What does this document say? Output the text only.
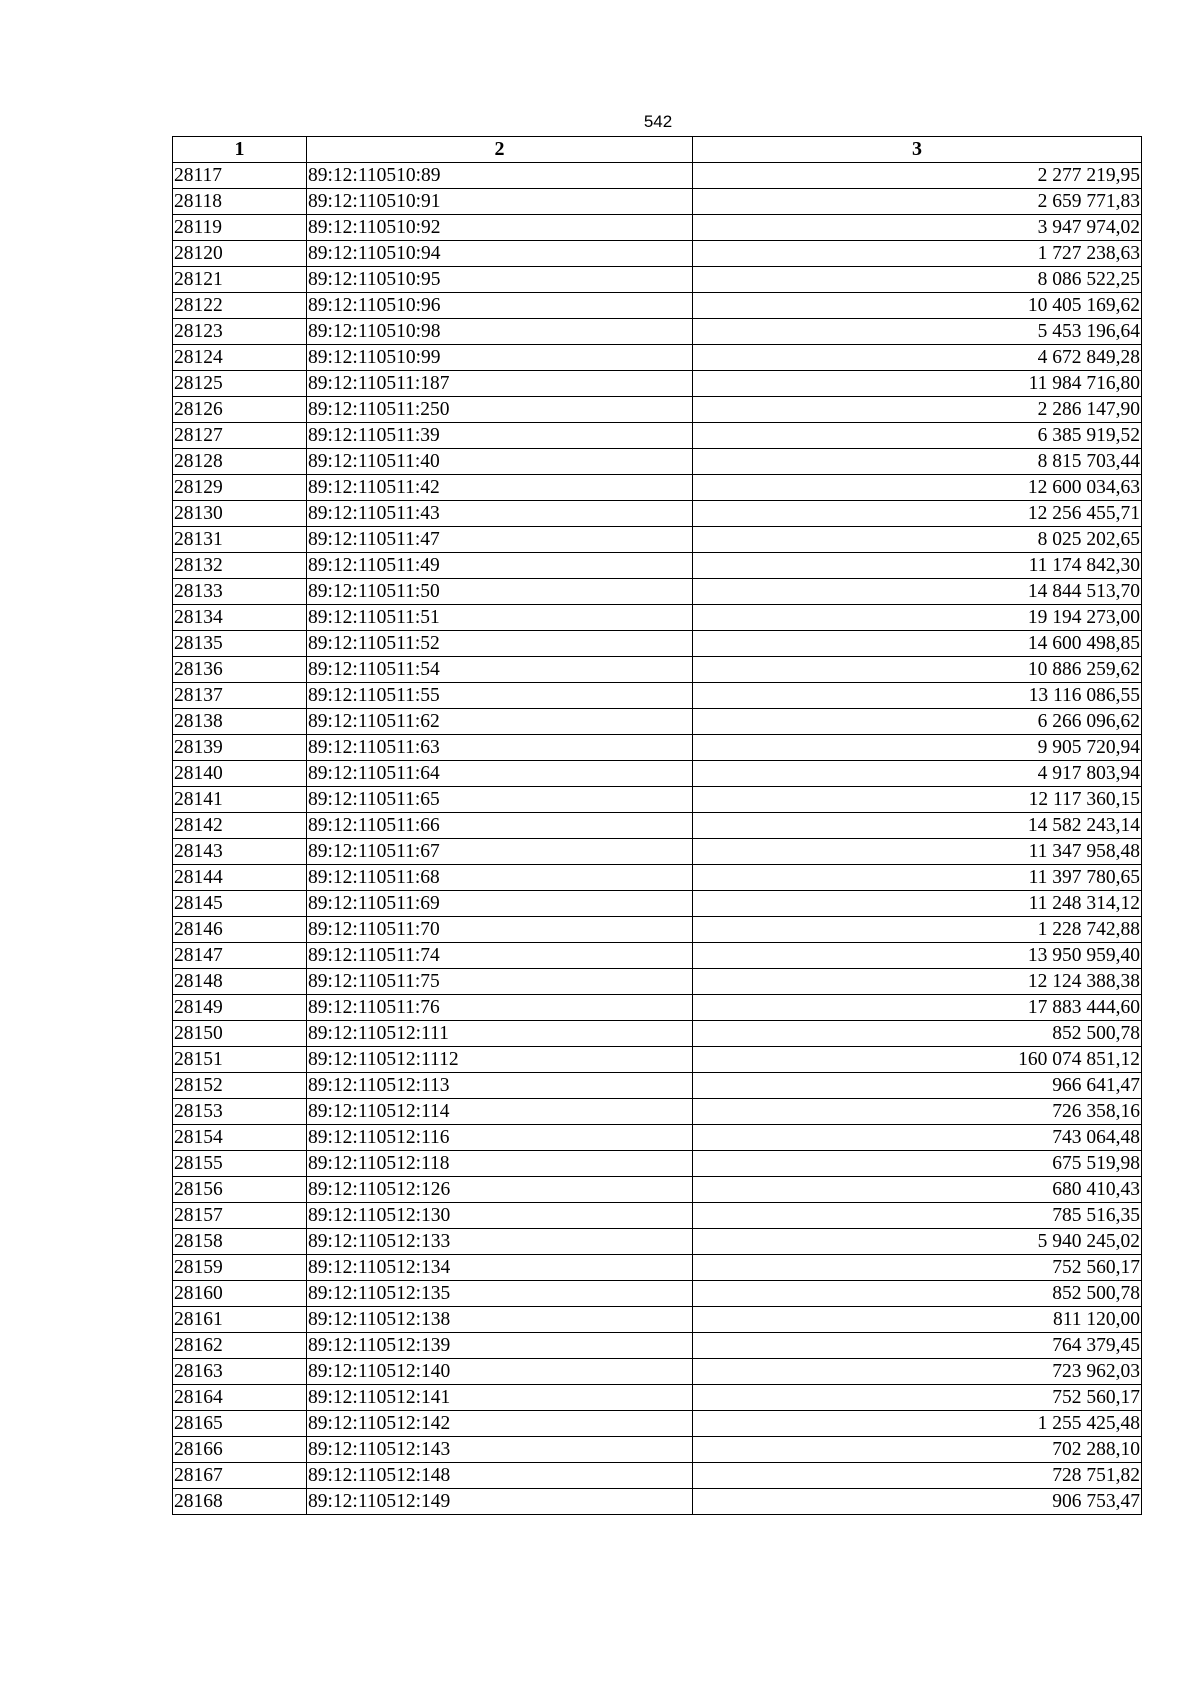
542
1	2	3
28117	89:12:110510:89	2 277 219,95
28118	89:12:110510:91	2 659 771,83
28119	89:12:110510:92	3 947 974,02
28120	89:12:110510:94	1 727 238,63
28121	89:12:110510:95	8 086 522,25
28122	89:12:110510:96	10 405 169,62
28123	89:12:110510:98	5 453 196,64
28124	89:12:110510:99	4 672 849,28
28125	89:12:110511:187	11 984 716,80
28126	89:12:110511:250	2 286 147,90
28127	89:12:110511:39	6 385 919,52
28128	89:12:110511:40	8 815 703,44
28129	89:12:110511:42	12 600 034,63
28130	89:12:110511:43	12 256 455,71
28131	89:12:110511:47	8 025 202,65
28132	89:12:110511:49	11 174 842,30
28133	89:12:110511:50	14 844 513,70
28134	89:12:110511:51	19 194 273,00
28135	89:12:110511:52	14 600 498,85
28136	89:12:110511:54	10 886 259,62
28137	89:12:110511:55	13 116 086,55
28138	89:12:110511:62	6 266 096,62
28139	89:12:110511:63	9 905 720,94
28140	89:12:110511:64	4 917 803,94
28141	89:12:110511:65	12 117 360,15
28142	89:12:110511:66	14 582 243,14
28143	89:12:110511:67	11 347 958,48
28144	89:12:110511:68	11 397 780,65
28145	89:12:110511:69	11 248 314,12
28146	89:12:110511:70	1 228 742,88
28147	89:12:110511:74	13 950 959,40
28148	89:12:110511:75	12 124 388,38
28149	89:12:110511:76	17 883 444,60
28150	89:12:110512:111	852 500,78
28151	89:12:110512:1112	160 074 851,12
28152	89:12:110512:113	966 641,47
28153	89:12:110512:114	726 358,16
28154	89:12:110512:116	743 064,48
28155	89:12:110512:118	675 519,98
28156	89:12:110512:126	680 410,43
28157	89:12:110512:130	785 516,35
28158	89:12:110512:133	5 940 245,02
28159	89:12:110512:134	752 560,17
28160	89:12:110512:135	852 500,78
28161	89:12:110512:138	811 120,00
28162	89:12:110512:139	764 379,45
28163	89:12:110512:140	723 962,03
28164	89:12:110512:141	752 560,17
28165	89:12:110512:142	1 255 425,48
28166	89:12:110512:143	702 288,10
28167	89:12:110512:148	728 751,82
28168	89:12:110512:149	906 753,47
